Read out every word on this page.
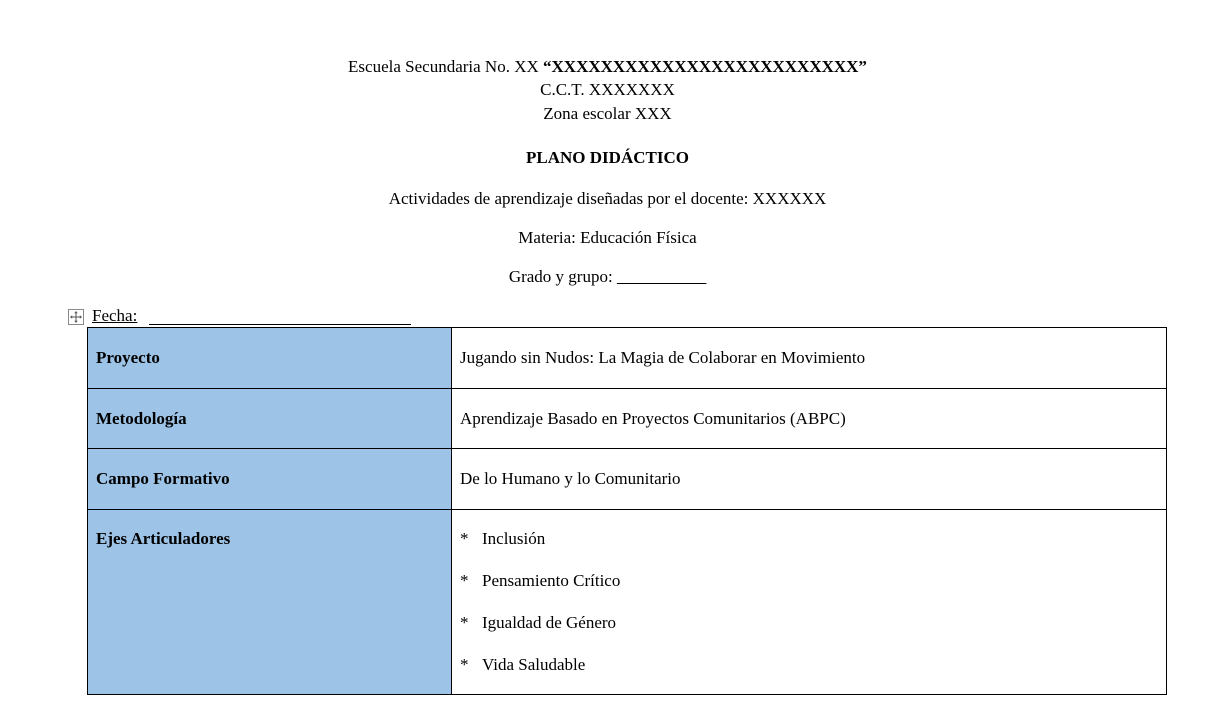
Escuela Secundaria No. XX “XXXXXXXXXXXXXXXXXXXXXXXXX”
C.C.T. XXXXXXX
Zona escolar XXX
PLANO DIDÁCTICO
Actividades de aprendizaje diseñadas por el docente: XXXXXX
Materia: Educación Física
Grado y grupo: ____ ______
Fecha:
Proyecto	Jugando sin Nudos: La Magia de Colaborar en Movimiento
Metodología	Aprendizaje Basado en Proyectos Comunitarios (ABPC)
Campo Formativo	De lo Humano y lo Comunitario
Ejes Articuladores	* Inclusión
* Pensamiento Crítico
* Igualdad de Género
* Vida Saludable
